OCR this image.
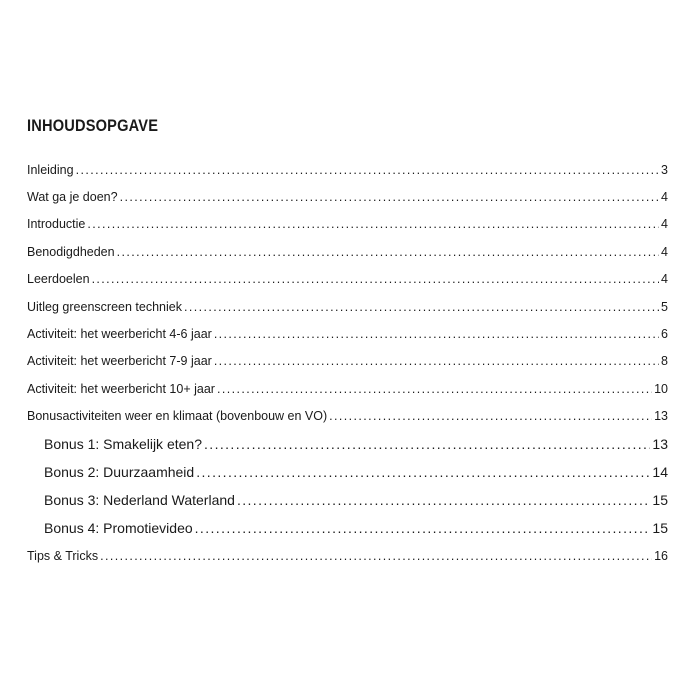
INHOUDSOPGAVE
Inleiding .....	3
Wat ga je doen? .....	4
Introductie .....	4
Benodigdheden .....	4
Leerdoelen .....	4
Uitleg greenscreen techniek .....	5
Activiteit: het weerbericht 4-6 jaar .....	6
Activiteit: het weerbericht 7-9 jaar .....	8
Activiteit: het weerbericht 10+ jaar .....	10
Bonusactiviteiten weer en klimaat (bovenbouw en VO) .....	13
Bonus 1: Smakelijk eten? .....	13
Bonus 2: Duurzaamheid .....	14
Bonus 3: Nederland Waterland .....	15
Bonus 4: Promotievideo .....	15
Tips & Tricks .....	16
